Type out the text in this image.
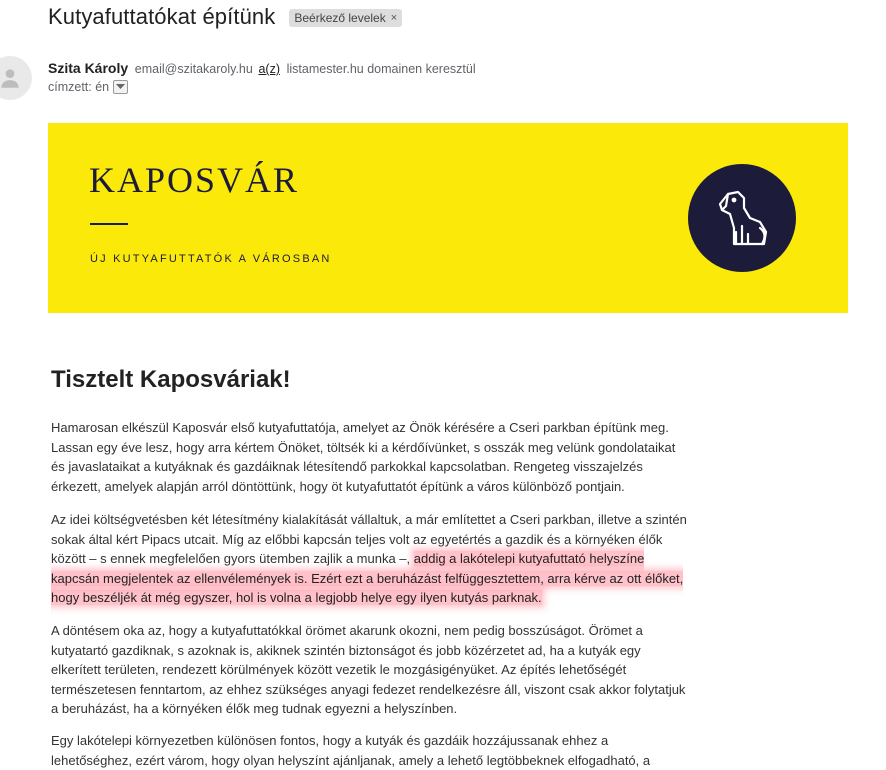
Kutyafuttatókat építünk Beérkező levelek ×
Szita Károly email@szitakaroly.hu a(z) listamester.hu domainen keresztül
címzett: én
KAPOSVÁR
ÚJ KUTYAFUTTATÓK A VÁROSBAN
Tisztelt Kaposváriak!

Hamarosan elkészül Kaposvár első kutyafuttatója, amelyet az Önök kérésére a Cseri parkban építünk meg. Lassan egy éve lesz, hogy arra kértem Önöket, töltsék ki a kérdőívünket, s osszák meg velünk gondolataikat és javaslataikat a kutyáknak és gazdáiknak létesítendő parkokkal kapcsolatban. Rengeteg visszajelzés érkezett, amelyek alapján arról döntöttünk, hogy öt kutyafuttatót építünk a város különböző pontjain.

Az idei költségvetésben két létesítmény kialakítását vállaltuk, a már említettet a Cseri parkban, illetve a szintén sokak által kért Pipacs utcait. Míg az előbbi kapcsán teljes volt az egyetértés a gazdik és a környéken élők között – s ennek megfelelően gyors ütemben zajlik a munka –, addig a lakótelepi kutyafuttató helyszíne kapcsán megjelentek az ellenvélemények is. Ezért ezt a beruházást felfüggesztettem, arra kérve az ott élőket, hogy beszéljék át még egyszer, hol is volna a legjobb helye egy ilyen kutyás parknak.

A döntésem oka az, hogy a kutyafuttatókkal örömet akarunk okozni, nem pedig bosszúságot. Örömet a kutyatartó gazdiknak, s azoknak is, akiknek szintén biztonságot és jobb közérzetet ad, ha a kutyák egy elkerített területen, rendezett körülmények között vezetik le mozgásigényüket. Az építés lehetőségét természetesen fenntartom, az ehhez szükséges anyagi fedezet rendelkezésre áll, viszont csak akkor folytatjuk a beruházást, ha a környéken élők meg tudnak egyezni a helyszínben.

Egy lakótelepi környezetben különösen fontos, hogy a kutyák és gazdáik hozzájussanak ehhez a lehetőséghez, ezért várom, hogy olyan helyszínt ajánljanak, amely a lehető legtöbbeknek elfogadható, a
